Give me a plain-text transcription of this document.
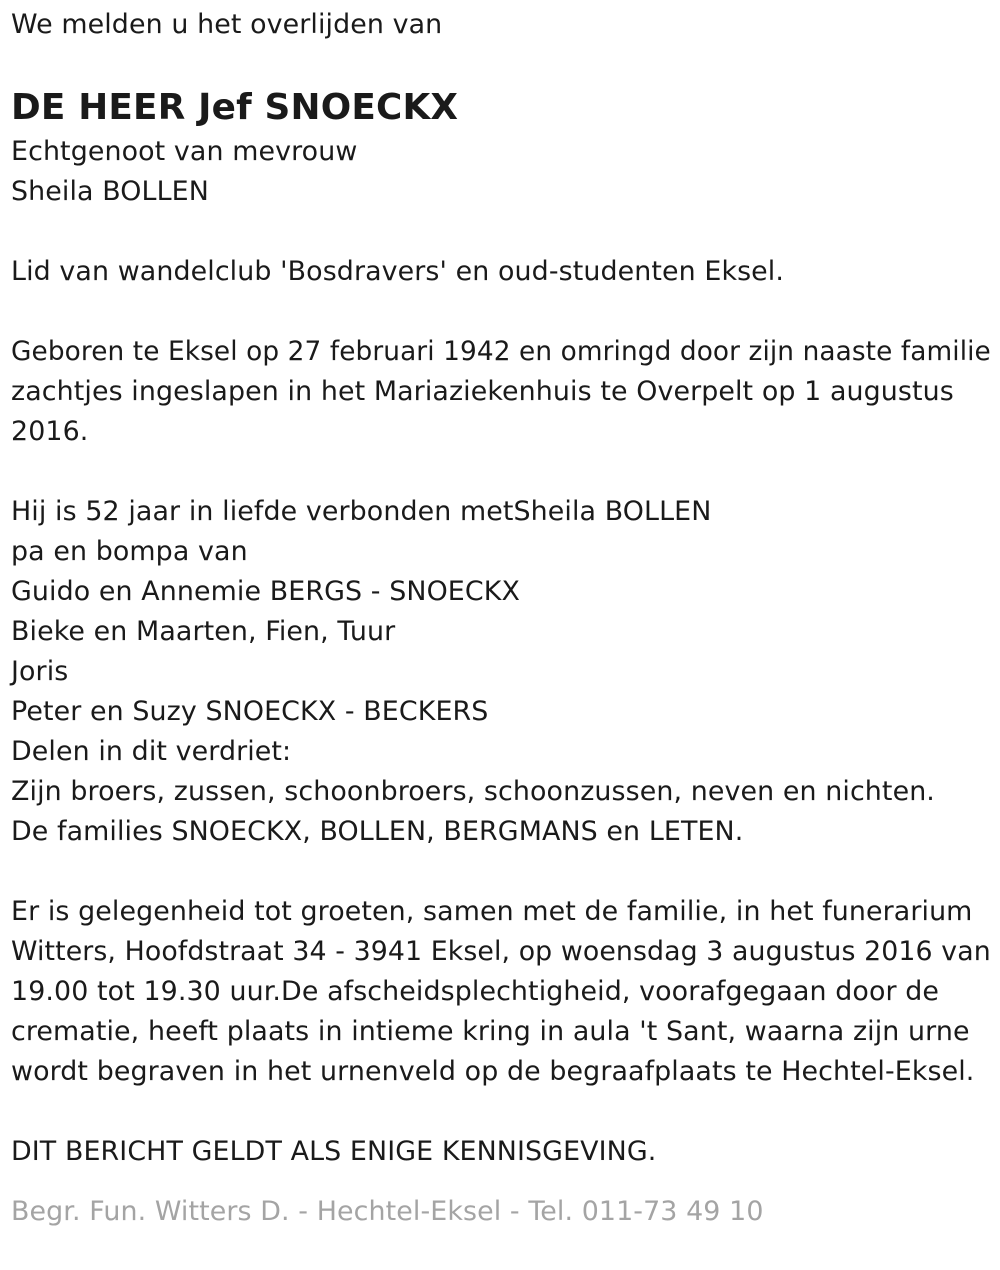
We melden u het overlijden van
DE HEER Jef SNOECKX
Echtgenoot van mevrouw
Sheila BOLLEN
Lid van wandelclub 'Bosdravers' en oud-studenten Eksel.
Geboren te Eksel op 27 februari 1942 en omringd door zijn naaste familie
zachtjes ingeslapen in het Mariaziekenhuis te Overpelt op 1 augustus
2016.
Hij is 52 jaar in liefde verbonden metSheila BOLLEN
pa en bompa van
Guido en Annemie BERGS - SNOECKX
Bieke en Maarten, Fien, Tuur
Joris
Peter en Suzy SNOECKX - BECKERS
Delen in dit verdriet:
Zijn broers, zussen, schoonbroers, schoonzussen, neven en nichten.
De families SNOECKX, BOLLEN, BERGMANS en LETEN.
Er is gelegenheid tot groeten, samen met de familie, in het funerarium
Witters, Hoofdstraat 34 - 3941 Eksel, op woensdag 3 augustus 2016 van
19.00 tot 19.30 uur.De afscheidsplechtigheid, voorafgegaan door de
crematie, heeft plaats in intieme kring in aula 't Sant, waarna zijn urne
wordt begraven in het urnenveld op de begraafplaats te Hechtel-Eksel.
DIT BERICHT GELDT ALS ENIGE KENNISGEVING.
Begr. Fun. Witters D. - Hechtel-Eksel - Tel. 011-73 49 10
